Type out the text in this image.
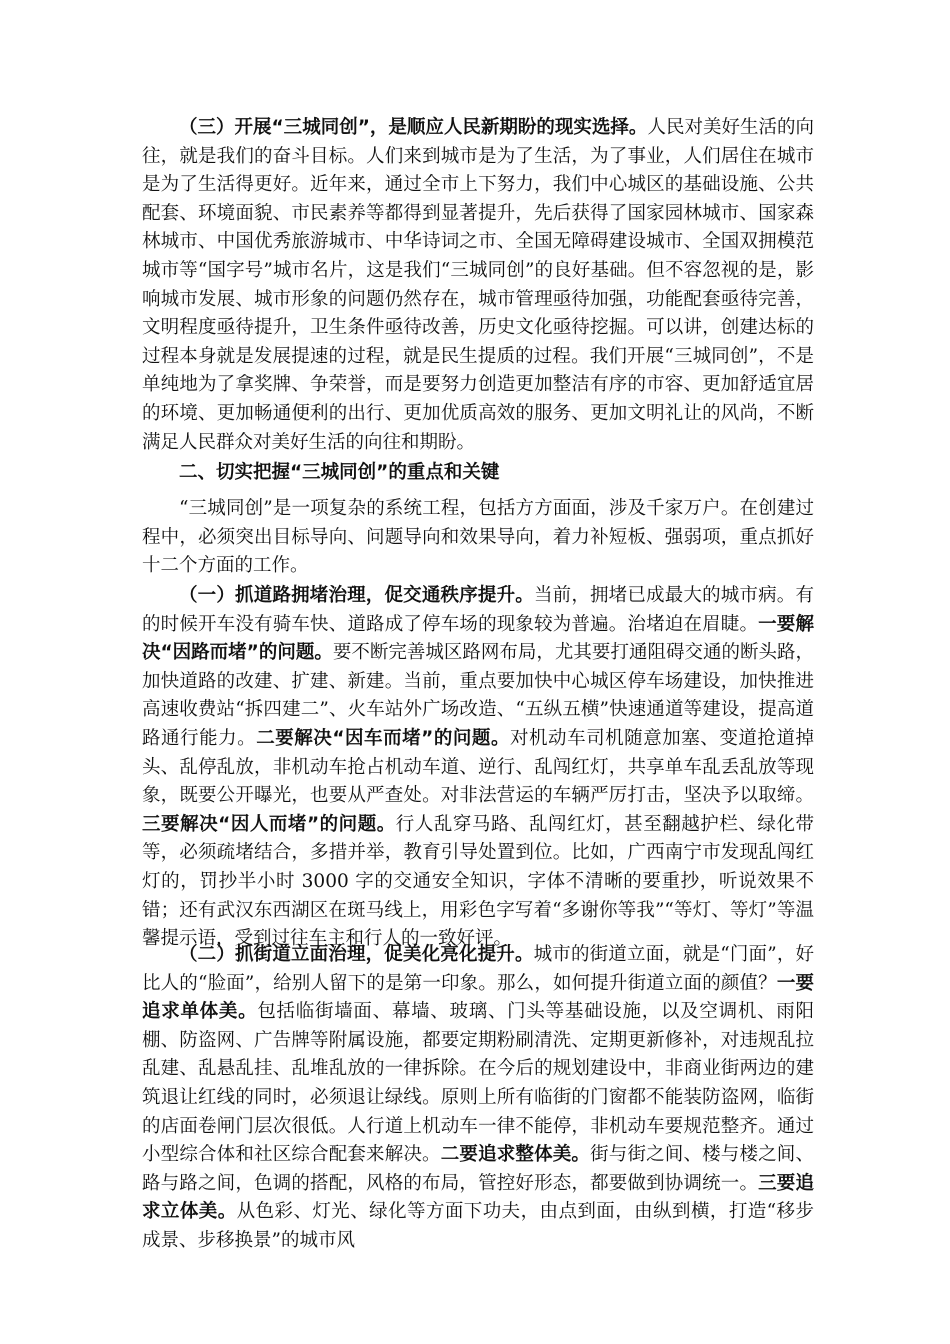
（三）开展“三城同创”，是顺应人民新期盼的现实选择。人民对美好生活的向往，就是我们的奋斗目标。人们来到城市是为了生活，为了事业，人们居住在城市是为了生活得更好。近年来，通过全市上下努力，我们中心城区的基础设施、公共配套、环境面貌、市民素养等都得到显著提升，先后获得了国家园林城市、国家森林城市、中国优秀旅游城市、中华诗词之市、全国无障碍建设城市、全国双拥模范城市等“国字号”城市名片，这是我们“三城同创”的良好基础。但不容忽视的是，影响城市发展、城市形象的问题仍然存在，城市管理亟待加强，功能配套亟待完善，文明程度亟待提升，卫生条件亟待改善，历史文化亟待挖掘。可以讲，创建达标的过程本身就是发展提速的过程，就是民生提质的过程。我们开展“三城同创”，不是单纯地为了拿奖牌、争荣誉，而是要努力创造更加整洁有序的市容、更加舒适宜居的环境、更加畅通便利的出行、更加优质高效的服务、更加文明礼让的风尚，不断满足人民群众对美好生活的向往和期盼。

二、切实把握“三城同创”的重点和关键

“三城同创”是一项复杂的系统工程，包括方方面面，涉及千家万户。在创建过程中，必须突出目标导向、问题导向和效果导向，着力补短板、强弱项，重点抓好十二个方面的工作。

（一）抓道路拥堵治理，促交通秩序提升。当前，拥堵已成最大的城市病。有的时候开车没有骑车快、道路成了停车场的现象较为普遍。治堵迫在眉睫。一要解决“因路而堵”的问题。要不断完善城区路网布局，尤其要打通阻碍交通的断头路，加快道路的改建、扩建、新建。当前，重点要加快中心城区停车场建设，加快推进高速收费站“拆四建二”、火车站外广场改造、“五纵五横”快速通道等建设，提高道路通行能力。二要解决“因车而堵”的问题。对机动车司机随意加塞、变道抢道掉头、乱停乱放，非机动车抢占机动车道、逆行、乱闯红灯，共享单车乱丢乱放等现象，既要公开曝光，也要从严查处。对非法营运的车辆严厉打击，坚决予以取缔。三要解决“因人而堵”的问题。行人乱穿马路、乱闯红灯，甚至翻越护栏、绿化带等，必须疏堵结合，多措并举，教育引导处置到位。比如，广西南宁市发现乱闯红灯的，罚抄半小时 3000 字的交通安全知识，字体不清晰的要重抄，听说效果不错；还有武汉东西湖区在斑马线上，用彩色字写着“多谢你等我”“等灯、等灯”等温馨提示语，受到过往车主和行人的一致好评。

（二）抓街道立面治理，促美化亮化提升。城市的街道立面，就是“门面”，好比人的“脸面”，给别人留下的是第一印象。那么，如何提升街道立面的颜值？一要追求单体美。包括临街墙面、幕墙、玻璃、门头等基础设施，以及空调机、雨阳棚、防盗网、广告牌等附属设施，都要定期粉刷清洗、定期更新修补，对违规乱拉乱建、乱悬乱挂、乱堆乱放的一律拆除。在今后的规划建设中，非商业街两边的建筑退让红线的同时，必须退让绿线。原则上所有临街的门窗都不能装防盗网，临街的店面卷闸门层次很低。人行道上机动车一律不能停，非机动车要规范整齐。通过小型综合体和社区综合配套来解决。二要追求整体美。街与街之间、楼与楼之间、路与路之间，色调的搭配，风格的布局，管控好形态，都要做到协调统一。三要追求立体美。从色彩、灯光、绿化等方面下功夫，由点到面，由纵到横，打造“移步成景、步移换景”的城市风
